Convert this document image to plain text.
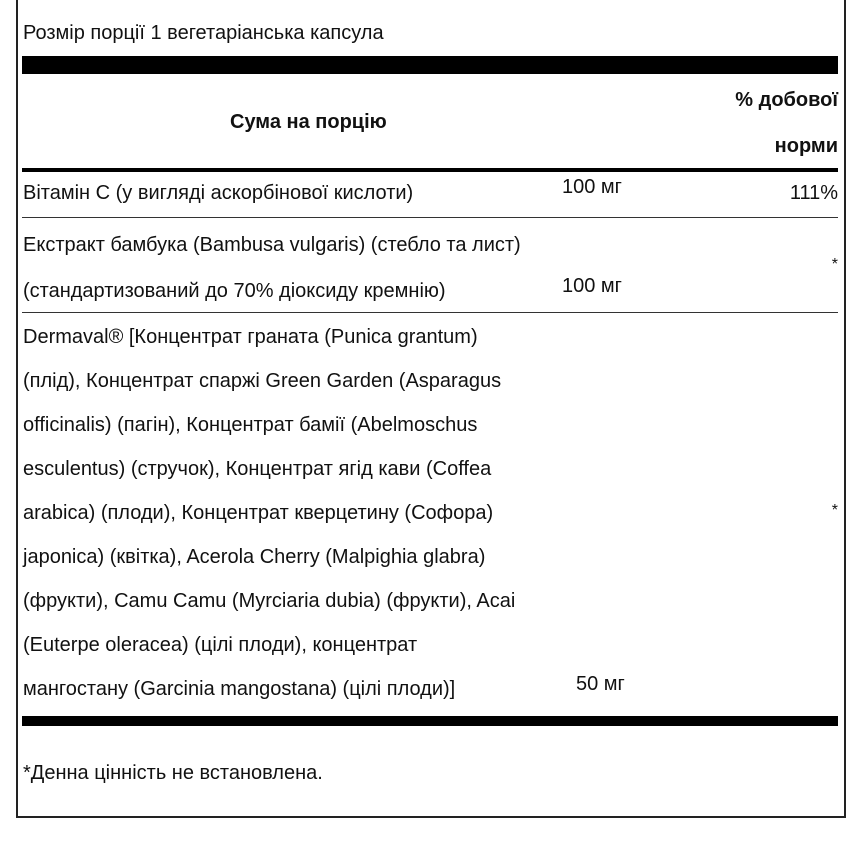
Розмір порції 1 вегетаріанська капсула
Сума на порцію
% добової
норми
Вітамін С (у вигляді аскорбінової кислоти)	100 мг	111%
Екстракт бамбука (Bambusa vulgaris) (стебло та лист)
(стандартизований до 70% діоксиду кремнію)	100 мг
*
Dermaval® [Концентрат граната (Punica grantum)
(плід), Концентрат спаржі Green Garden (Asparagus
officinalis) (пагін), Концентрат бамії (Abelmoschus
esculentus) (стручок), Концентрат ягід кави (Coffea
arabica) (плоди), Концентрат кверцетину (Софора)
japonica) (квітка), Acerola Cherry (Malpighia glabra)
(фрукти), Camu Camu (Myrciaria dubia) (фрукти), Acai
(Euterpe oleracea) (цілі плоди), концентрат
мангостану (Garcinia mangostana) (цілі плоди)]	50 мг
*
*Денна цінність не встановлена.
